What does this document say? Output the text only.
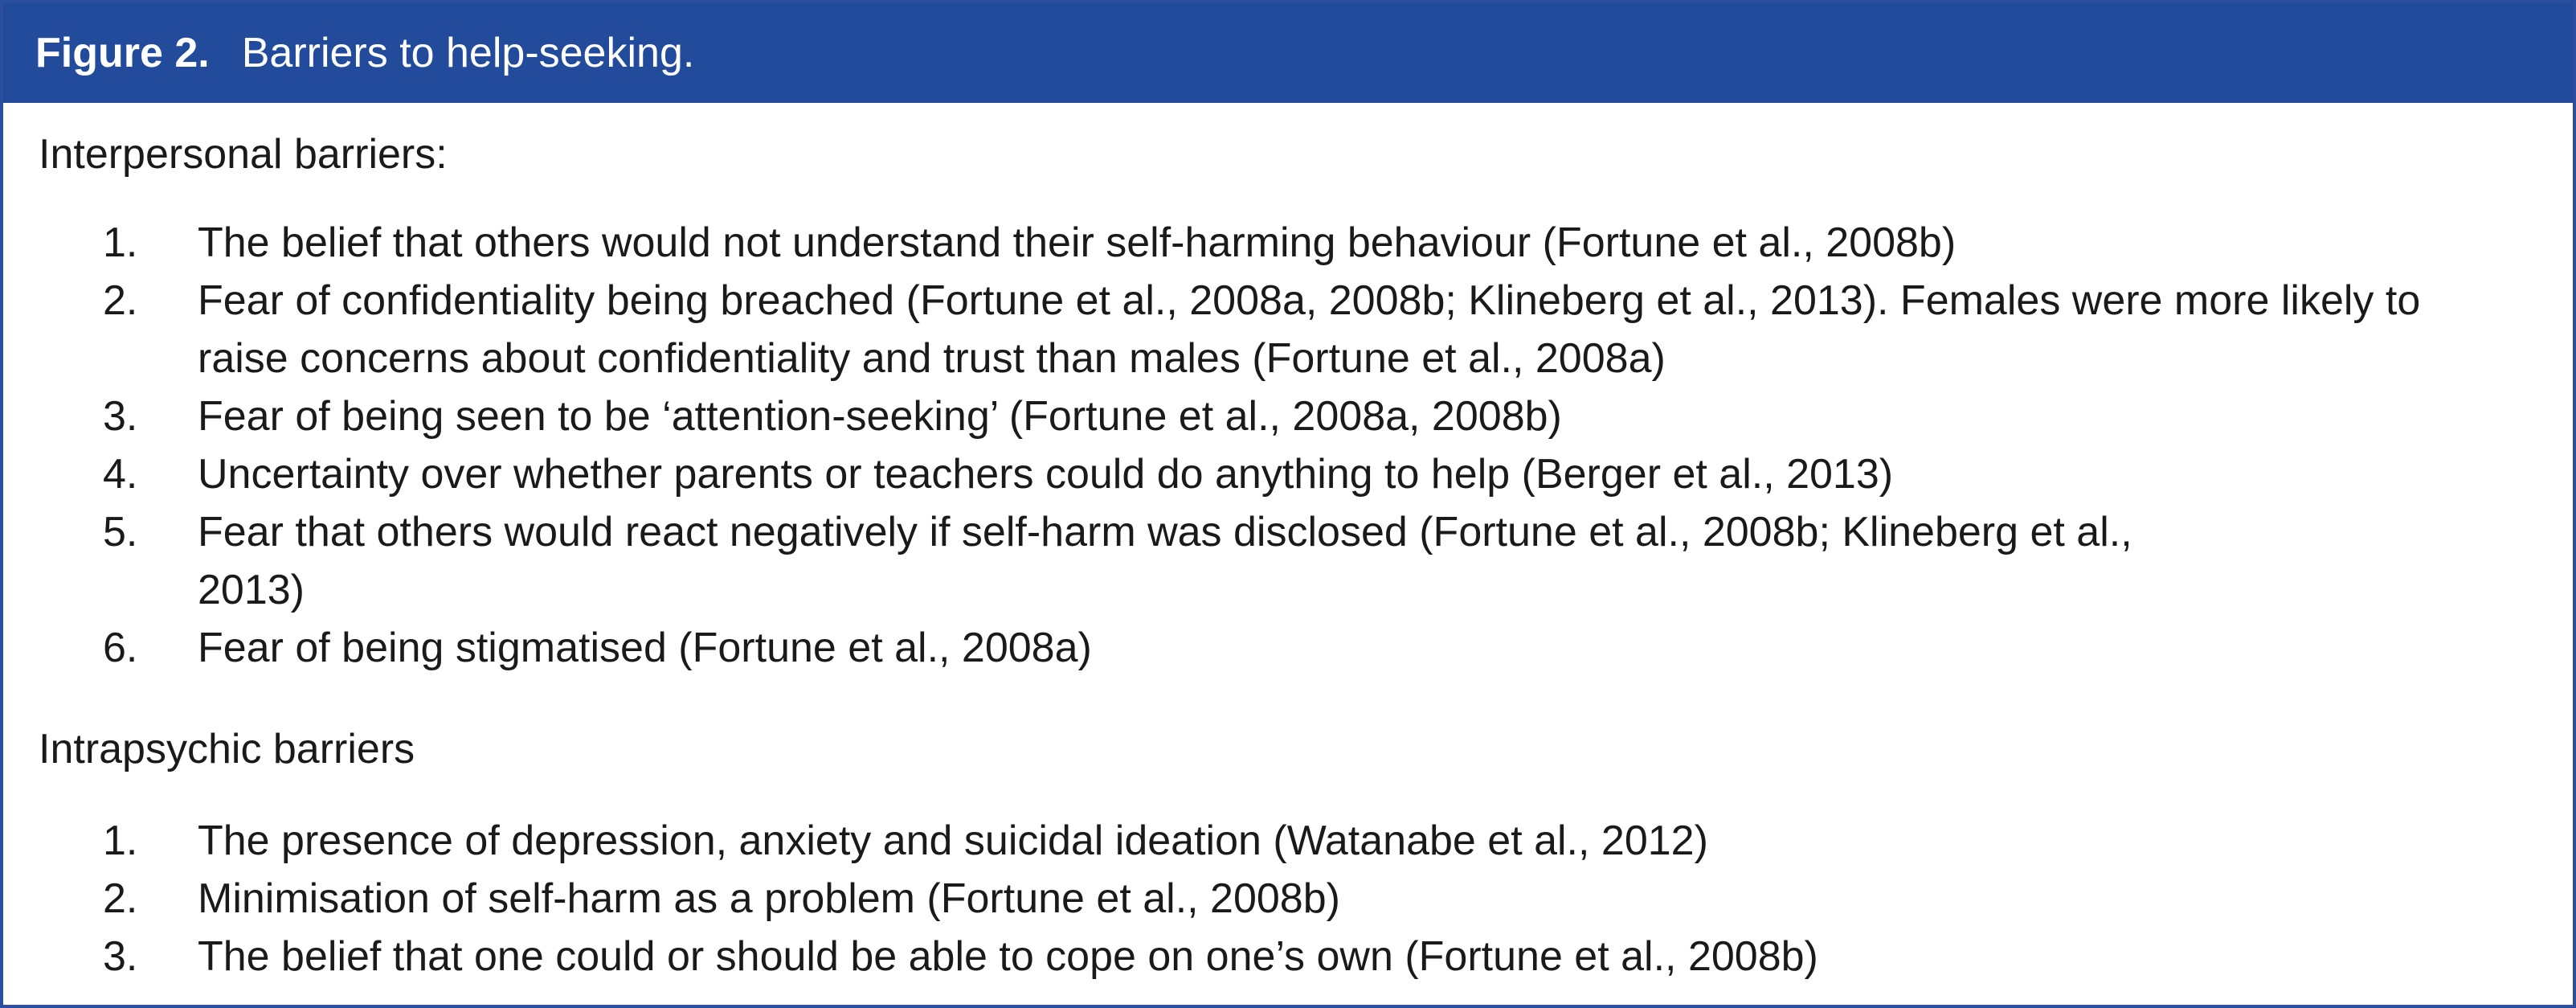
Figure 2. Barriers to help-seeking.
Interpersonal barriers:
1. The belief that others would not understand their self-harming behaviour (Fortune et al., 2008b)
2. Fear of confidentiality being breached (Fortune et al., 2008a, 2008b; Klineberg et al., 2013). Females were more likely to raise concerns about confidentiality and trust than males (Fortune et al., 2008a)
3. Fear of being seen to be ‘attention-seeking’ (Fortune et al., 2008a, 2008b)
4. Uncertainty over whether parents or teachers could do anything to help (Berger et al., 2013)
5. Fear that others would react negatively if self-harm was disclosed (Fortune et al., 2008b; Klineberg et al., 2013)
6. Fear of being stigmatised (Fortune et al., 2008a)
Intrapsychic barriers
1. The presence of depression, anxiety and suicidal ideation (Watanabe et al., 2012)
2. Minimisation of self-harm as a problem (Fortune et al., 2008b)
3. The belief that one could or should be able to cope on one’s own (Fortune et al., 2008b)
